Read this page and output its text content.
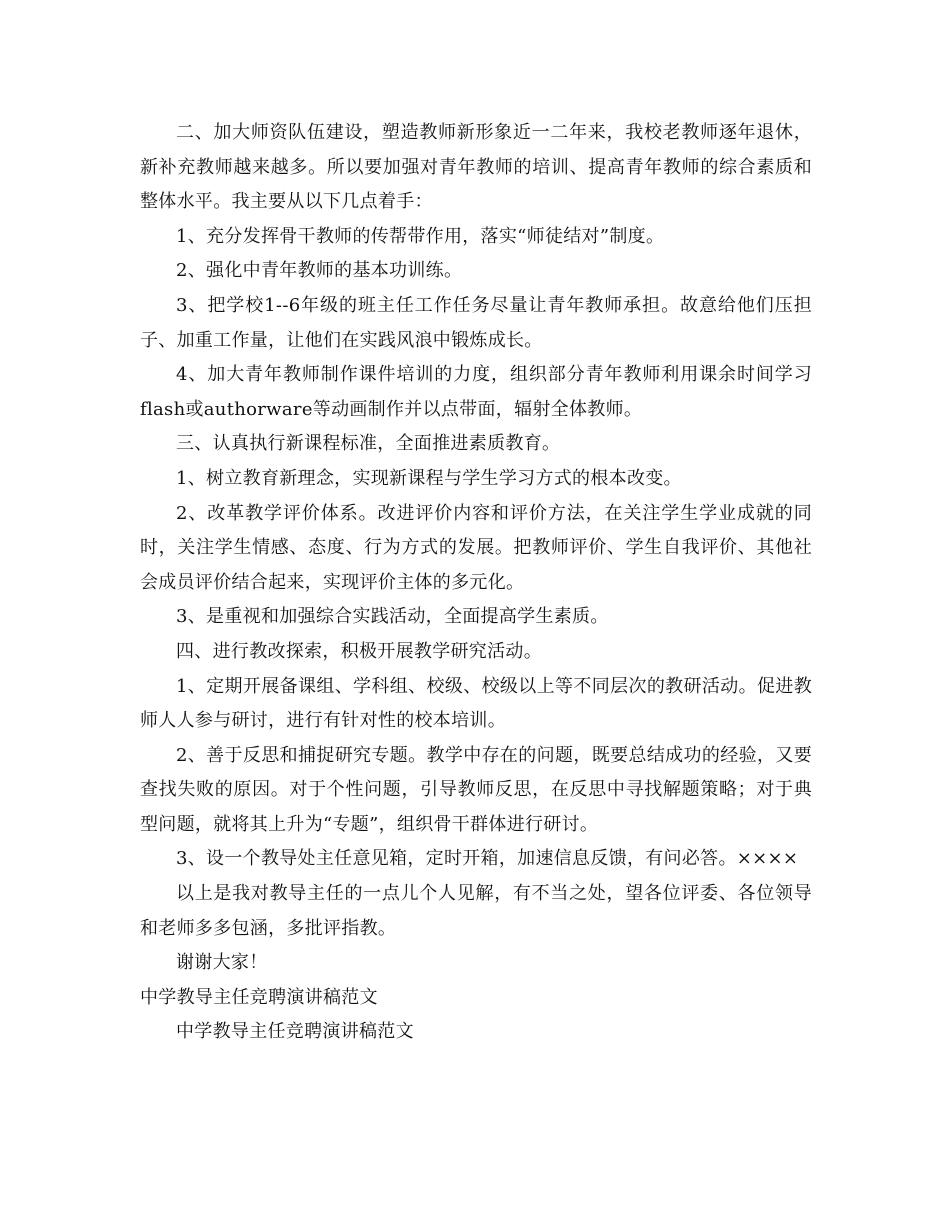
二、加大师资队伍建设，塑造教师新形象近一二年来，我校老教师逐年退休，新补充教师越来越多。所以要加强对青年教师的培训、提高青年教师的综合素质和整体水平。我主要从以下几点着手：

1、充分发挥骨干教师的传帮带作用，落实“师徒结对”制度。

2、强化中青年教师的基本功训练。

3、把学校1--6年级的班主任工作任务尽量让青年教师承担。故意给他们压担子、加重工作量，让他们在实践风浪中锻炼成长。

4、加大青年教师制作课件培训的力度，组织部分青年教师利用课余时间学习flash或authorware等动画制作并以点带面，辐射全体教师。

三、认真执行新课程标准，全面推进素质教育。

1、树立教育新理念，实现新课程与学生学习方式的根本改变。

2、改革教学评价体系。改进评价内容和评价方法，在关注学生学业成就的同时，关注学生情感、态度、行为方式的发展。把教师评价、学生自我评价、其他社会成员评价结合起来，实现评价主体的多元化。

3、是重视和加强综合实践活动，全面提高学生素质。

四、进行教改探索，积极开展教学研究活动。

1、定期开展备课组、学科组、校级、校级以上等不同层次的教研活动。促进教师人人参与研讨，进行有针对性的校本培训。

2、善于反思和捕捉研究专题。教学中存在的问题，既要总结成功的经验，又要查找失败的原因。对于个性问题，引导教师反思，在反思中寻找解题策略；对于典型问题，就将其上升为“专题”，组织骨干群体进行研讨。

3、设一个教导处主任意见箱，定时开箱，加速信息反馈，有问必答。××××

以上是我对教导主任的一点儿个人见解，有不当之处，望各位评委、各位领导和老师多多包涵，多批评指教。

谢谢大家！

中学教导主任竞聘演讲稿范文

中学教导主任竞聘演讲稿范文
